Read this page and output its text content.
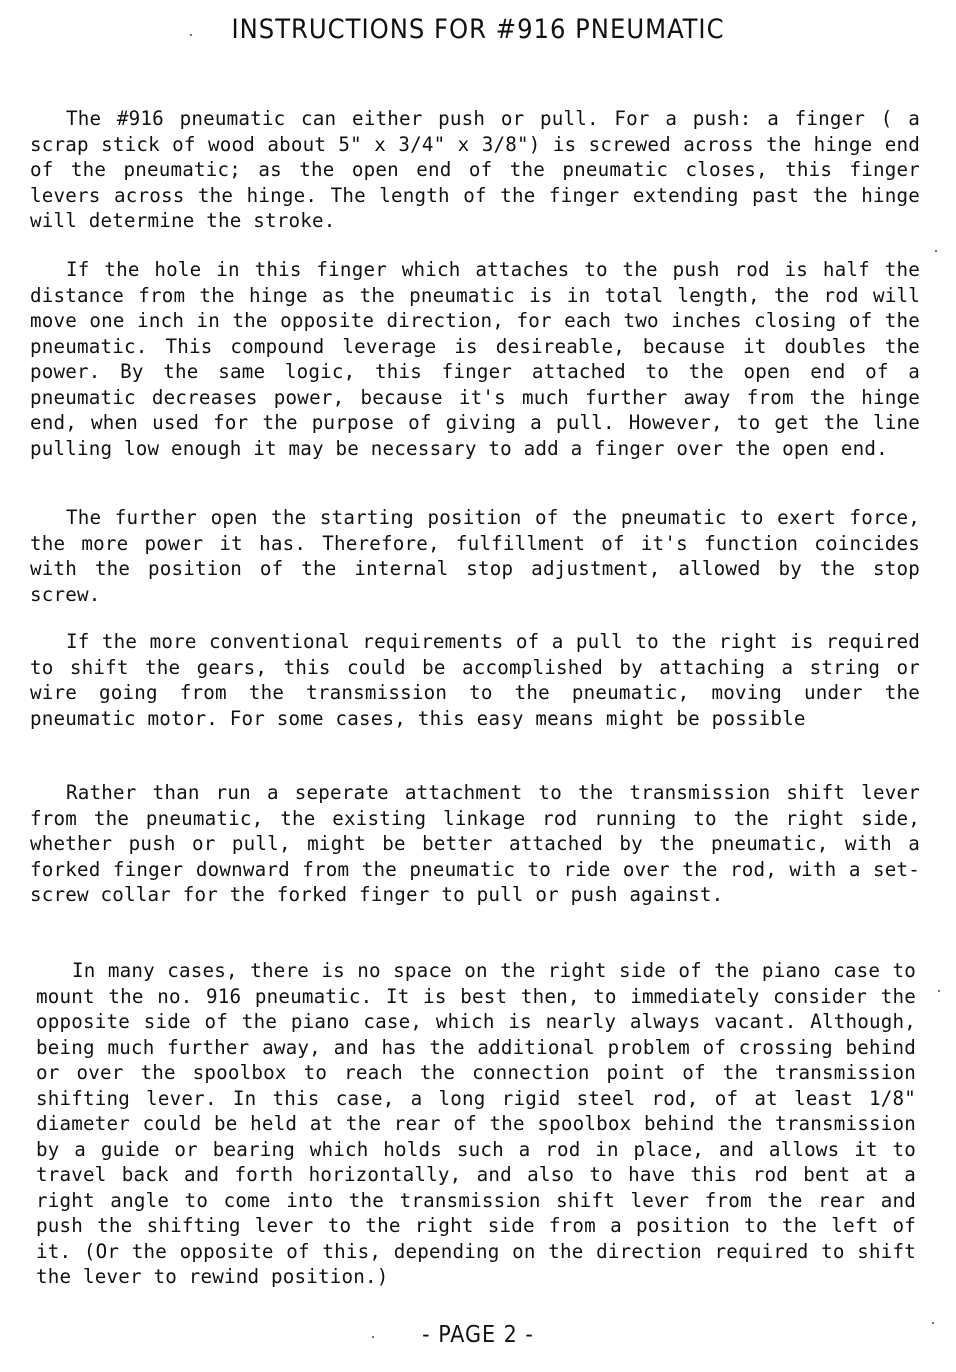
INSTRUCTIONS FOR #916 PNEUMATIC

The #916 pneumatic can either push or pull. For a push: a finger ( a scrap stick of wood about 5" x 3/4" x 3/8") is screwed across the hinge end of the pneumatic; as the open end of the pneumatic closes, this finger levers across the hinge. The length of the finger extending past the hinge will determine the stroke.

If the hole in this finger which attaches to the push rod is half the distance from the hinge as the pneumatic is in total length, the rod will move one inch in the opposite direction, for each two inches closing of the pneumatic. This compound leverage is desireable, because it doubles the power. By the same logic, this finger attached to the open end of a pneumatic decreases power, because it's much further away from the hinge end, when used for the purpose of giving a pull. However, to get the line pulling low enough it may be necessary to add a finger over the open end.

The further open the starting position of the pneumatic to exert force, the more power it has. Therefore, fulfillment of it's function coincides with the position of the internal stop adjustment, allowed by the stop screw.

If the more conventional requirements of a pull to the right is required to shift the gears, this could be accomplished by attaching a string or wire going from the transmission to the pneumatic, moving under the pneumatic motor. For some cases, this easy means might be possible

Rather than run a seperate attachment to the transmission shift lever from the pneumatic, the existing linkage rod running to the right side, whether push or pull, might be better attached by the pneumatic, with a forked finger downward from the pneumatic to ride over the rod, with a set-screw collar for the forked finger to pull or push against.

In many cases, there is no space on the right side of the piano case to mount the no. 916 pneumatic. It is best then, to immediately consider the opposite side of the piano case, which is nearly always vacant. Although, being much further away, and has the additional problem of crossing behind or over the spoolbox to reach the connection point of the transmission shifting lever. In this case, a long rigid steel rod, of at least 1/8" diameter could be held at the rear of the spoolbox behind the transmission by a guide or bearing which holds such a rod in place, and allows it to travel back and forth horizontally, and also to have this rod bent at a right angle to come into the transmission shift lever from the rear and push the shifting lever to the right side from a position to the left of it. (Or the opposite of this, depending on the direction required to shift the lever to rewind position.)

- PAGE 2 -
